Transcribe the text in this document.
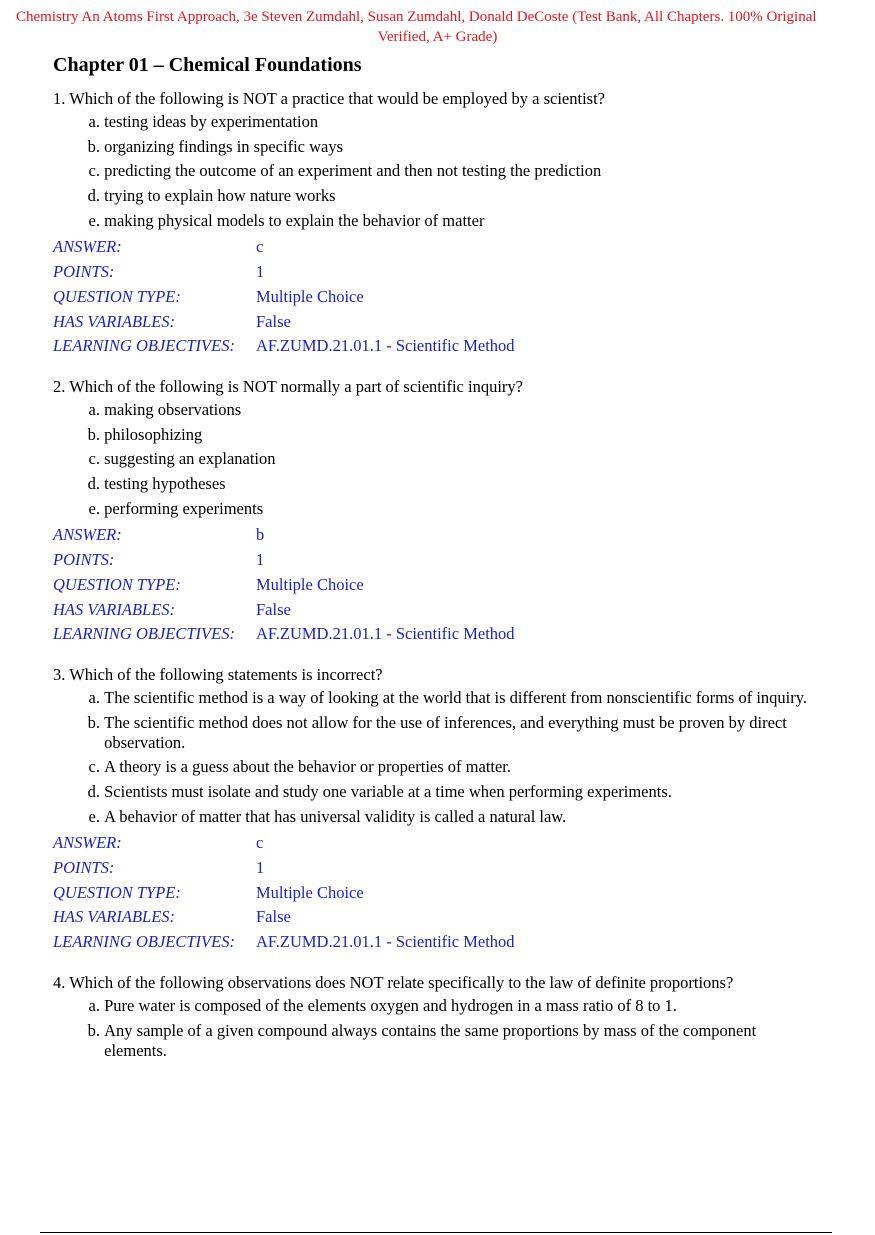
Chemistry An Atoms First Approach, 3e Steven Zumdahl, Susan Zumdahl, Donald DeCoste (Test Bank, All Chapters. 100% Original
Verified, A+ Grade)
Chapter 01 – Chemical Foundations
1. Which of the following is NOT a practice that would be employed by a scientist?
a.
testing ideas by experimentation
b.
organizing findings in specific ways
c.
predicting the outcome of an experiment and then not testing the prediction
d.
trying to explain how nature works
e.
making physical models to explain the behavior of matter
ANSWER:	c
POINTS:	1
QUESTION TYPE:	Multiple Choice
HAS VARIABLES:	False
LEARNING OBJECTIVES:	AF.ZUMD.21.01.1 - Scientific Method
2. Which of the following is NOT normally a part of scientific inquiry?
a.
making observations
b.
philosophizing
c.
suggesting an explanation
d.
testing hypotheses
e.
performing experiments
ANSWER:	b
POINTS:	1
QUESTION TYPE:	Multiple Choice
HAS VARIABLES:	False
LEARNING OBJECTIVES:	AF.ZUMD.21.01.1 - Scientific Method
3. Which of the following statements is incorrect?
a.
The scientific method is a way of looking at the world that is different from nonscientific forms of inquiry.
b.
The scientific method does not allow for the use of inferences, and everything must be proven by direct observation.
c.
A theory is a guess about the behavior or properties of matter.
d.
Scientists must isolate and study one variable at a time when performing experiments.
e.
A behavior of matter that has universal validity is called a natural law.
ANSWER:	c
POINTS:	1
QUESTION TYPE:	Multiple Choice
HAS VARIABLES:	False
LEARNING OBJECTIVES:	AF.ZUMD.21.01.1 - Scientific Method
4. Which of the following observations does NOT relate specifically to the law of definite proportions?
a.
Pure water is composed of the elements oxygen and hydrogen in a mass ratio of 8 to 1.
b.
Any sample of a given compound always contains the same proportions by mass of the component elements.
